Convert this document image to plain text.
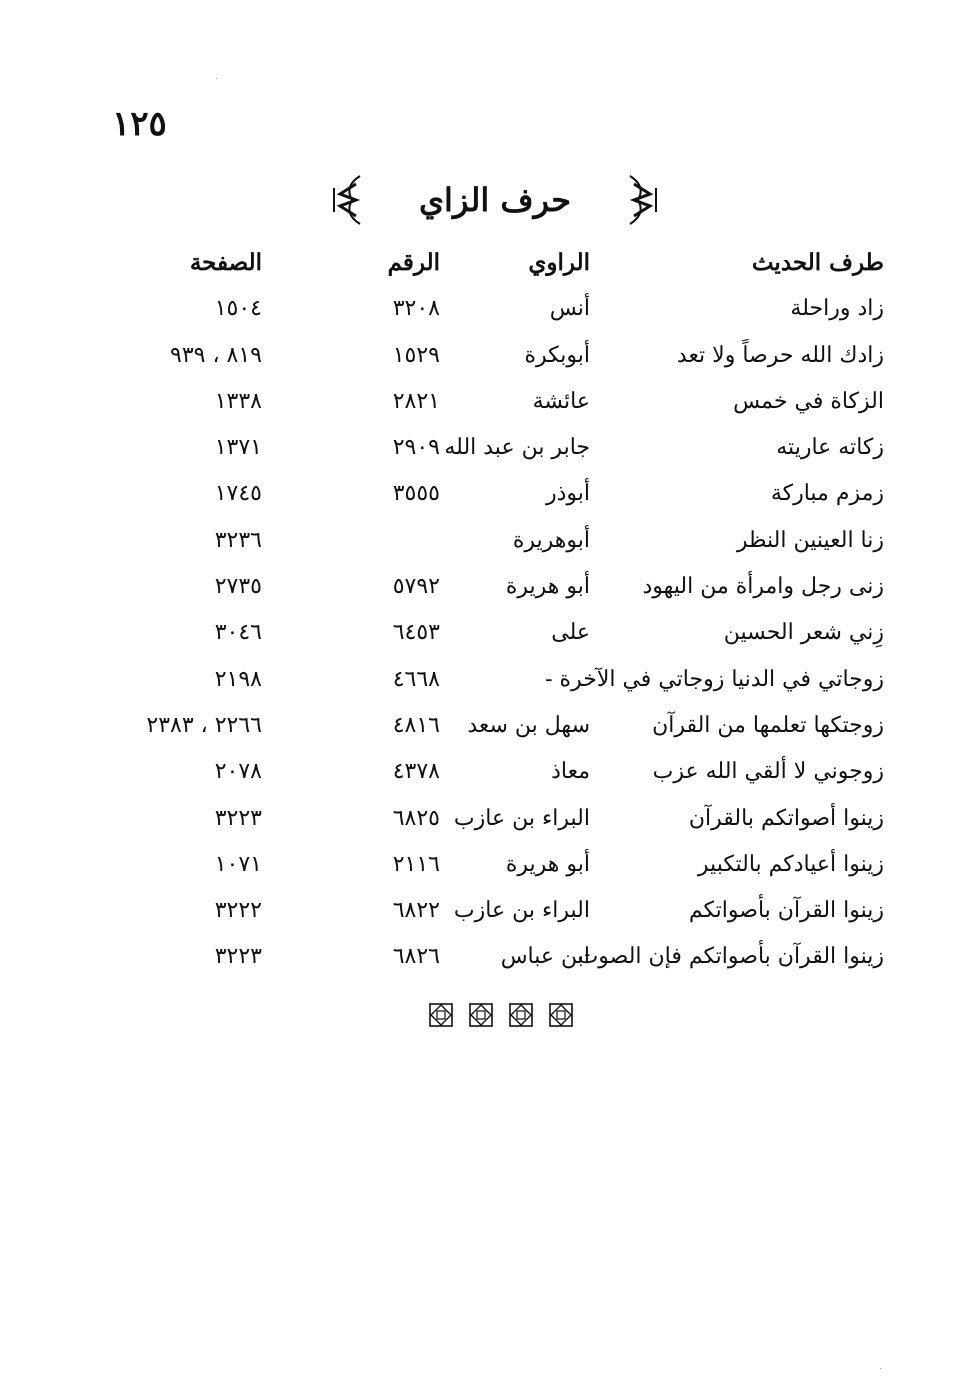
١٢٥
حرف الزاي
طرف الحديث
الراوي
الرقم
الصفحة
زاد وراحلة
أنس
٣٢٠٨
١٥٠٤
زادك الله حرصاً ولا تعد
أبوبكرة
١٥٢٩
٨١٩ ، ٩٣٩
الزكاة في خمس
عائشة
٢٨٢١
١٣٣٨
زكاته عاريته
جابر بن عبد الله
٢٩٠٩
١٣٧١
زمزم مباركة
أبوذر
٣٥٥٥
١٧٤٥
زنا العينين النظر
أبوهريرة
٣٢٣٦
زنى رجل وامرأة من اليهود
أبو هريرة
٥٧٩٢
٢٧٣٥
زِني شعر الحسين
على
٦٤٥٣
٣٠٤٦
زوجاتي في الدنيا زوجاتي في الآخرة -
٤٦٦٨
٢١٩٨
زوجتكها تعلمها من القرآن
سهل بن سعد
٤٨١٦
٢٢٦٦ ، ٢٣٨٣
زوجوني لا ألقي الله عزب
معاذ
٤٣٧٨
٢٠٧٨
زينوا أصواتكم بالقرآن
البراء بن عازب
٦٨٢٥
٣٢٢٣
زينوا أعيادكم بالتكبير
أبو هريرة
٢١١٦
١٠٧١
زينوا القرآن بأصواتكم
البراء بن عازب
٦٨٢٢
٣٢٢٢
زينوا القرآن بأصواتكم فإن الصوت
ابن عباس
٦٨٢٦
٣٢٢٣
